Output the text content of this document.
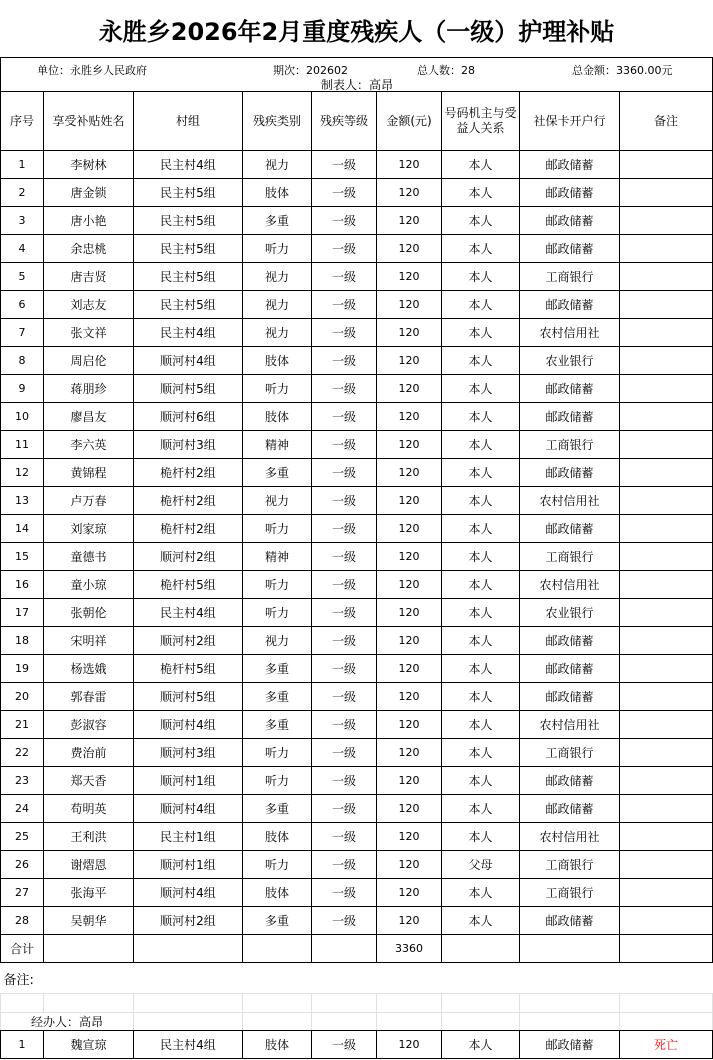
永胜乡2026年2月重度残疾人（一级）护理补贴
单位：永胜乡人民政府	期次：202602	总人数：28	总金额：3360.00元
制表人：高昂
序号	享受补贴姓名	村组	残疾类别	残疾等级	金额(元)	号码机主与受益人关系	社保卡开户行	备注
1	李树林	民主村4组	视力	一级	120	本人	邮政储蓄	
2	唐金锁	民主村5组	肢体	一级	120	本人	邮政储蓄	
3	唐小艳	民主村5组	多重	一级	120	本人	邮政储蓄	
4	余忠桃	民主村5组	听力	一级	120	本人	邮政储蓄	
5	唐吉贤	民主村5组	视力	一级	120	本人	工商银行	
6	刘志友	民主村5组	视力	一级	120	本人	邮政储蓄	
7	张文祥	民主村4组	视力	一级	120	本人	农村信用社	
8	周启伦	顺河村4组	肢体	一级	120	本人	农业银行	
9	蒋朋珍	顺河村5组	听力	一级	120	本人	邮政储蓄	
10	廖昌友	顺河村6组	肢体	一级	120	本人	邮政储蓄	
11	李六英	顺河村3组	精神	一级	120	本人	工商银行	
12	黄锦程	桅杆村2组	多重	一级	120	本人	邮政储蓄	
13	卢万春	桅杆村2组	视力	一级	120	本人	农村信用社	
14	刘家琼	桅杆村2组	听力	一级	120	本人	邮政储蓄	
15	童德书	顺河村2组	精神	一级	120	本人	工商银行	
16	童小琼	桅杆村5组	听力	一级	120	本人	农村信用社	
17	张朝伦	民主村4组	听力	一级	120	本人	农业银行	
18	宋明祥	顺河村2组	视力	一级	120	本人	邮政储蓄	
19	杨选娥	桅杆村5组	多重	一级	120	本人	邮政储蓄	
20	郭春雷	顺河村5组	多重	一级	120	本人	邮政储蓄	
21	彭淑容	顺河村4组	多重	一级	120	本人	农村信用社	
22	费治前	顺河村3组	听力	一级	120	本人	工商银行	
23	郑天香	顺河村1组	听力	一级	120	本人	邮政储蓄	
24	苟明英	顺河村4组	多重	一级	120	本人	邮政储蓄	
25	王利洪	民主村1组	肢体	一级	120	本人	农村信用社	
26	谢熠恩	顺河村1组	听力	一级	120	父母	工商银行	
27	张海平	顺河村4组	肢体	一级	120	本人	工商银行	
28	吴朝华	顺河村2组	多重	一级	120	本人	邮政储蓄	
合计					3360			
备注:								

经办人：高昂								
1	魏宣琼	民主村4组	肢体	一级	120	本人	邮政储蓄	死亡
